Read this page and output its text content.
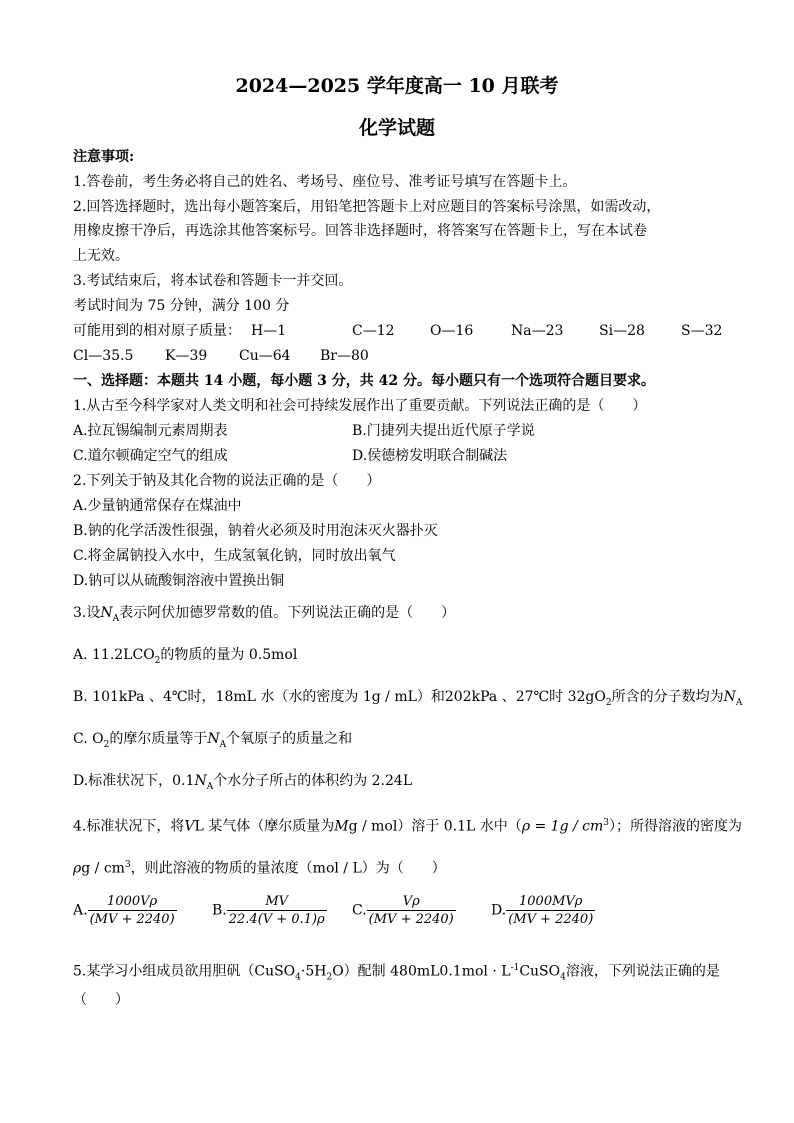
2024—2025 学年度高一 10 月联考
化学试题
注意事项:
1.答卷前，考生务必将自己的姓名、考场号、座位号、准考证号填写在答题卡上。
2.回答选择题时，选出每小题答案后，用铅笔把答题卡上对应题目的答案标号涂黑，如需改动，
用橡皮擦干净后，再选涂其他答案标号。回答非选择题时，将答案写在答题卡上，写在本试卷
上无效。
3.考试结束后，将本试卷和答题卡一并交回。
考试时间为 75 分钟，满分 100 分
可能用到的相对原子质量： H—1	C—12	O—16	Na—23	Si—28	S—32
Cl—35.5 K—39 Cu—64 Br—80
一、选择题：本题共 14 小题，每小题 3 分，共 42 分。每小题只有一个选项符合题目要求。
1.从古至今科学家对人类文明和社会可持续发展作出了重要贡献。下列说法正确的是（　　）
A.拉瓦锡编制元素周期表	B.门捷列夫提出近代原子学说
C.道尔顿确定空气的组成	D.侯德榜发明联合制碱法
2.下列关于钠及其化合物的说法正确的是（　　）
A.少量钠通常保存在煤油中
B.钠的化学活泼性很强，钠着火必须及时用泡沫灭火器扑灭
C.将金属钠投入水中，生成氢氧化钠，同时放出氧气
D.钠可以从硫酸铜溶液中置换出铜
3.设$N_A$表示阿伏加德罗常数的值。下列说法正确的是（　　）
A. $11.2LCO_2$的物质的量为 0.5mol
B. 101kPa 、4℃时，18mL 水（水的密度为 1g / mL）和202kPa 、27℃时 $32gO_2$所含的分子数均为$N_A$
C. $O_2$的摩尔质量等于$N_A$个氧原子的质量之和
D.标准状况下，$0.1N_A$个水分子所占的体积约为 2.24L
4.标准状况下，将VL 某气体（摩尔质量为Mg / mol）溶于 0.1L 水中$(\rho = 1g / cm^3)$；所得溶液的密度为
ρg / $cm^3$，则此溶液的物质的量浓度（mol / L）为（　　）
A. $\frac{1000V\rho}{(MV + 2240)}$	B. $\frac{MV}{22.4(V + 0.1)\rho} C$. $\frac{V\rho}{(MV + 2240)}$	D. $\frac{\text{1000MVρ}}{(MV + 2240)}$
5.某学习小组成员欲用胆矾$(CuSO_4\cdot 5H_2O)$配制 $480mL0.1mol \cdot L^{-1}CuSO_4$溶液，下列说法正确的是
（　　）
